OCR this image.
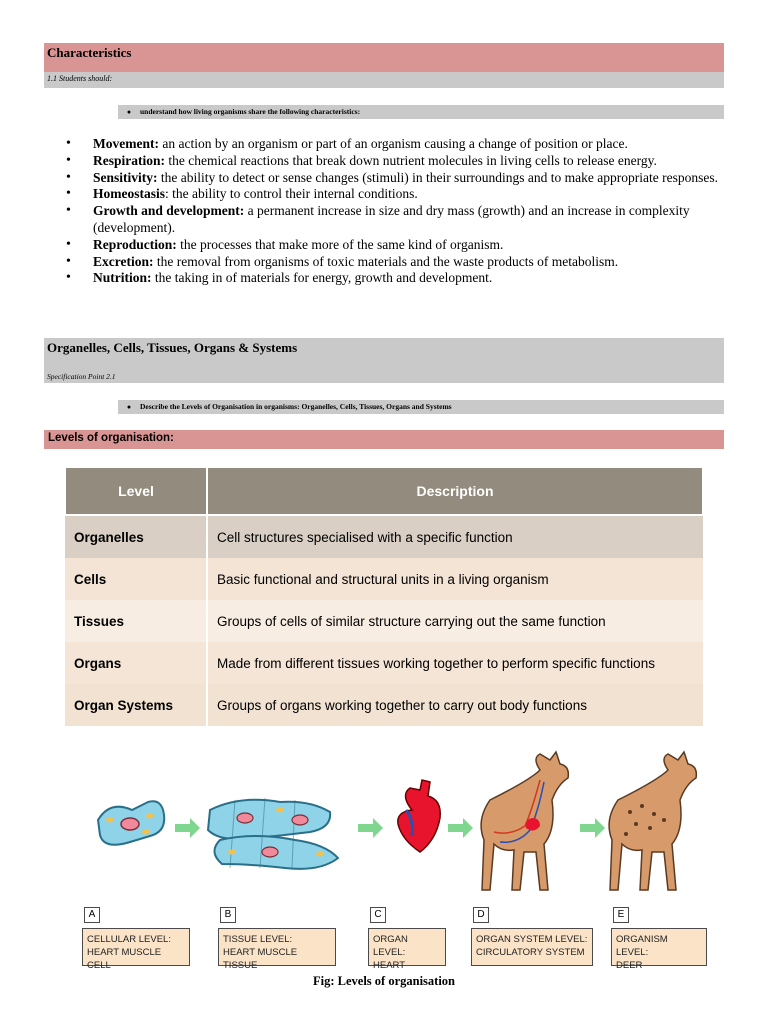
Characteristics
1.1 Students should:
● understand how living organisms share the following characteristics:
• Movement: an action by an organism or part of an organism causing a change of position or place.
• Respiration: the chemical reactions that break down nutrient molecules in living cells to release energy.
• Sensitivity: the ability to detect or sense changes (stimuli) in their surroundings and to make appropriate responses.
• Homeostasis: the ability to control their internal conditions.
• Growth and development: a permanent increase in size and dry mass (growth) and an increase in complexity (development).
• Reproduction: the processes that make more of the same kind of organism.
• Excretion: the removal from organisms of toxic materials and the waste products of metabolism.
• Nutrition: the taking in of materials for energy, growth and development.
Organelles, Cells, Tissues, Organs & Systems
Specification Point 2.1
● Describe the Levels of Organisation in organisms: Organelles, Cells, Tissues, Organs and Systems
Levels of organisation:
Level	Description
Organelles	Cell structures specialised with a specific function
Cells	Basic functional and structural units in a living organism
Tissues	Groups of cells of similar structure carrying out the same function
Organs	Made from different tissues working together to perform specific functions
Organ Systems	Groups of organs working together to carry out body functions
A
CELLULAR LEVEL:
HEART MUSCLE CELL
B
TISSUE LEVEL:
HEART MUSCLE TISSUE
C
ORGAN LEVEL:
HEART
D
ORGAN SYSTEM LEVEL:
CIRCULATORY SYSTEM
E
ORGANISM LEVEL:
DEER
Fig: Levels of organisation
